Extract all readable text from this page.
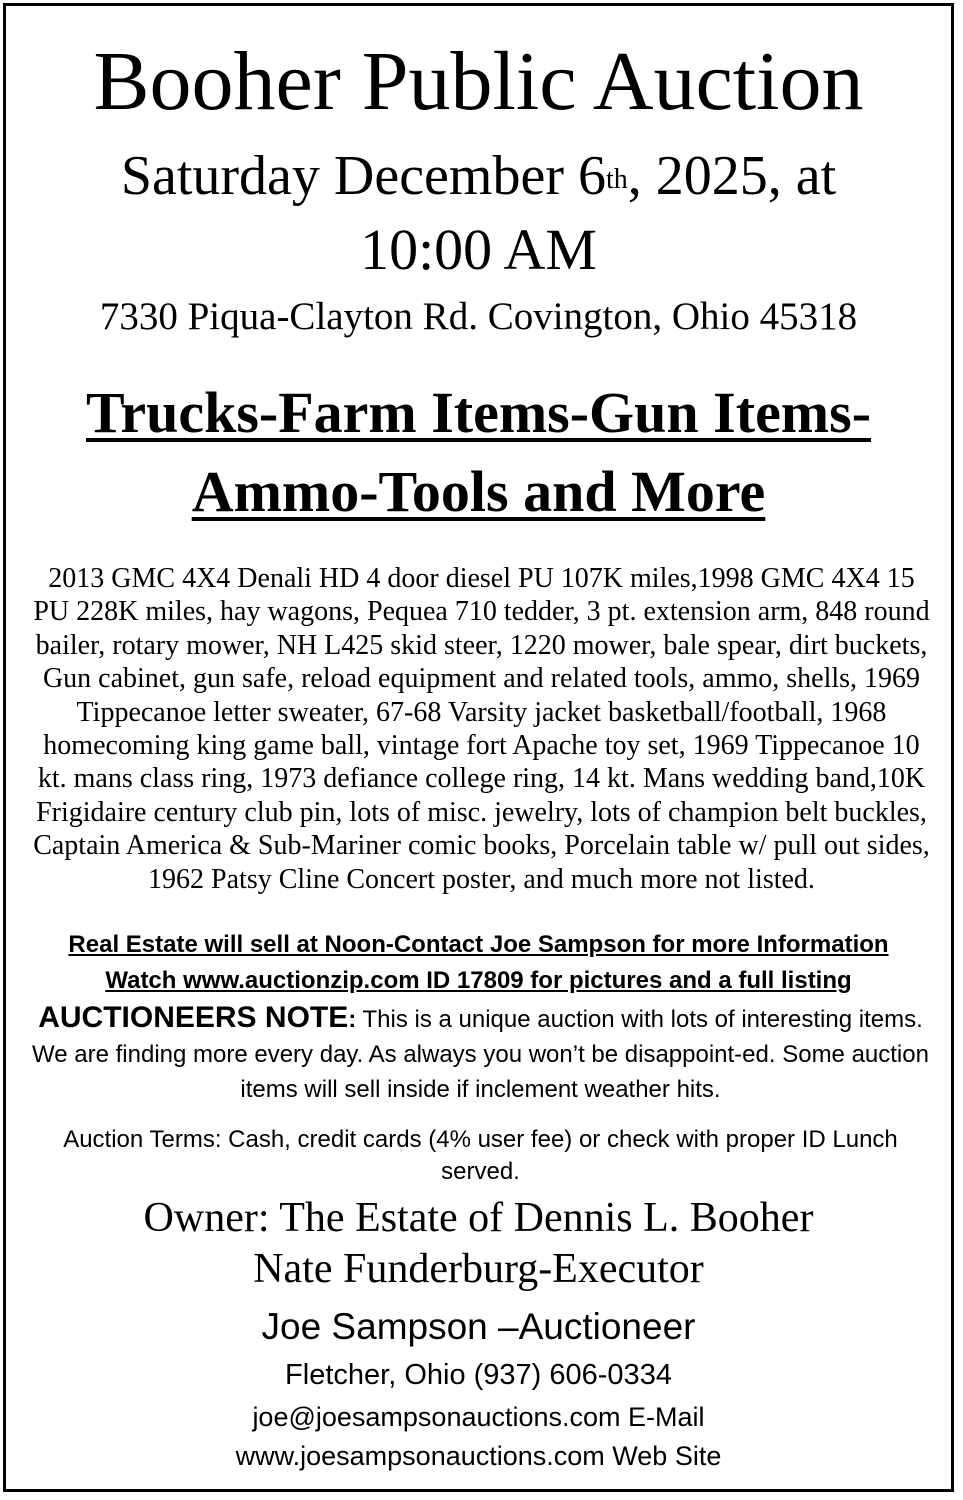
Booher Public Auction
Saturday December 6th, 2025, at
10:00 AM
7330 Piqua-Clayton Rd. Covington, Ohio 45318
Trucks-Farm Items-Gun Items-
Ammo-Tools and More

2013 GMC 4X4 Denali HD 4 door diesel PU 107K miles,1998 GMC 4X4 15 PU 228K miles, hay wagons, Pequea 710 tedder, 3 pt. extension arm, 848 round bailer, rotary mower, NH L425 skid steer, 1220 mower, bale spear, dirt buckets, Gun cabinet, gun safe, reload equipment and related tools, ammo, shells, 1969 Tippecanoe letter sweater, 67-68 Varsity jacket basketball/football, 1968 homecoming king game ball, vintage fort Apache toy set, 1969 Tippecanoe 10 kt. mans class ring, 1973 defiance college ring, 14 kt. Mans wedding band,10K Frigidaire century club pin, lots of misc. jewelry, lots of champion belt buckles, Captain America & Sub-Mariner comic books, Porcelain table w/ pull out sides, 1962 Patsy Cline Concert poster, and much more not listed.

Real Estate will sell at Noon-Contact Joe Sampson for more Information
Watch www.auctionzip.com ID 17809 for pictures and a full listing

AUCTIONEERS NOTE: This is a unique auction with lots of interesting items. We are finding more every day. As always you won’t be disappoint-ed. Some auction items will sell inside if inclement weather hits.

Auction Terms: Cash, credit cards (4% user fee) or check with proper ID Lunch served.

Owner: The Estate of Dennis L. Booher
Nate Funderburg-Executor
Joe Sampson –Auctioneer
Fletcher, Ohio (937) 606-0334
joe@joesampsonauctions.com E-Mail
www.joesampsonauctions.com Web Site
